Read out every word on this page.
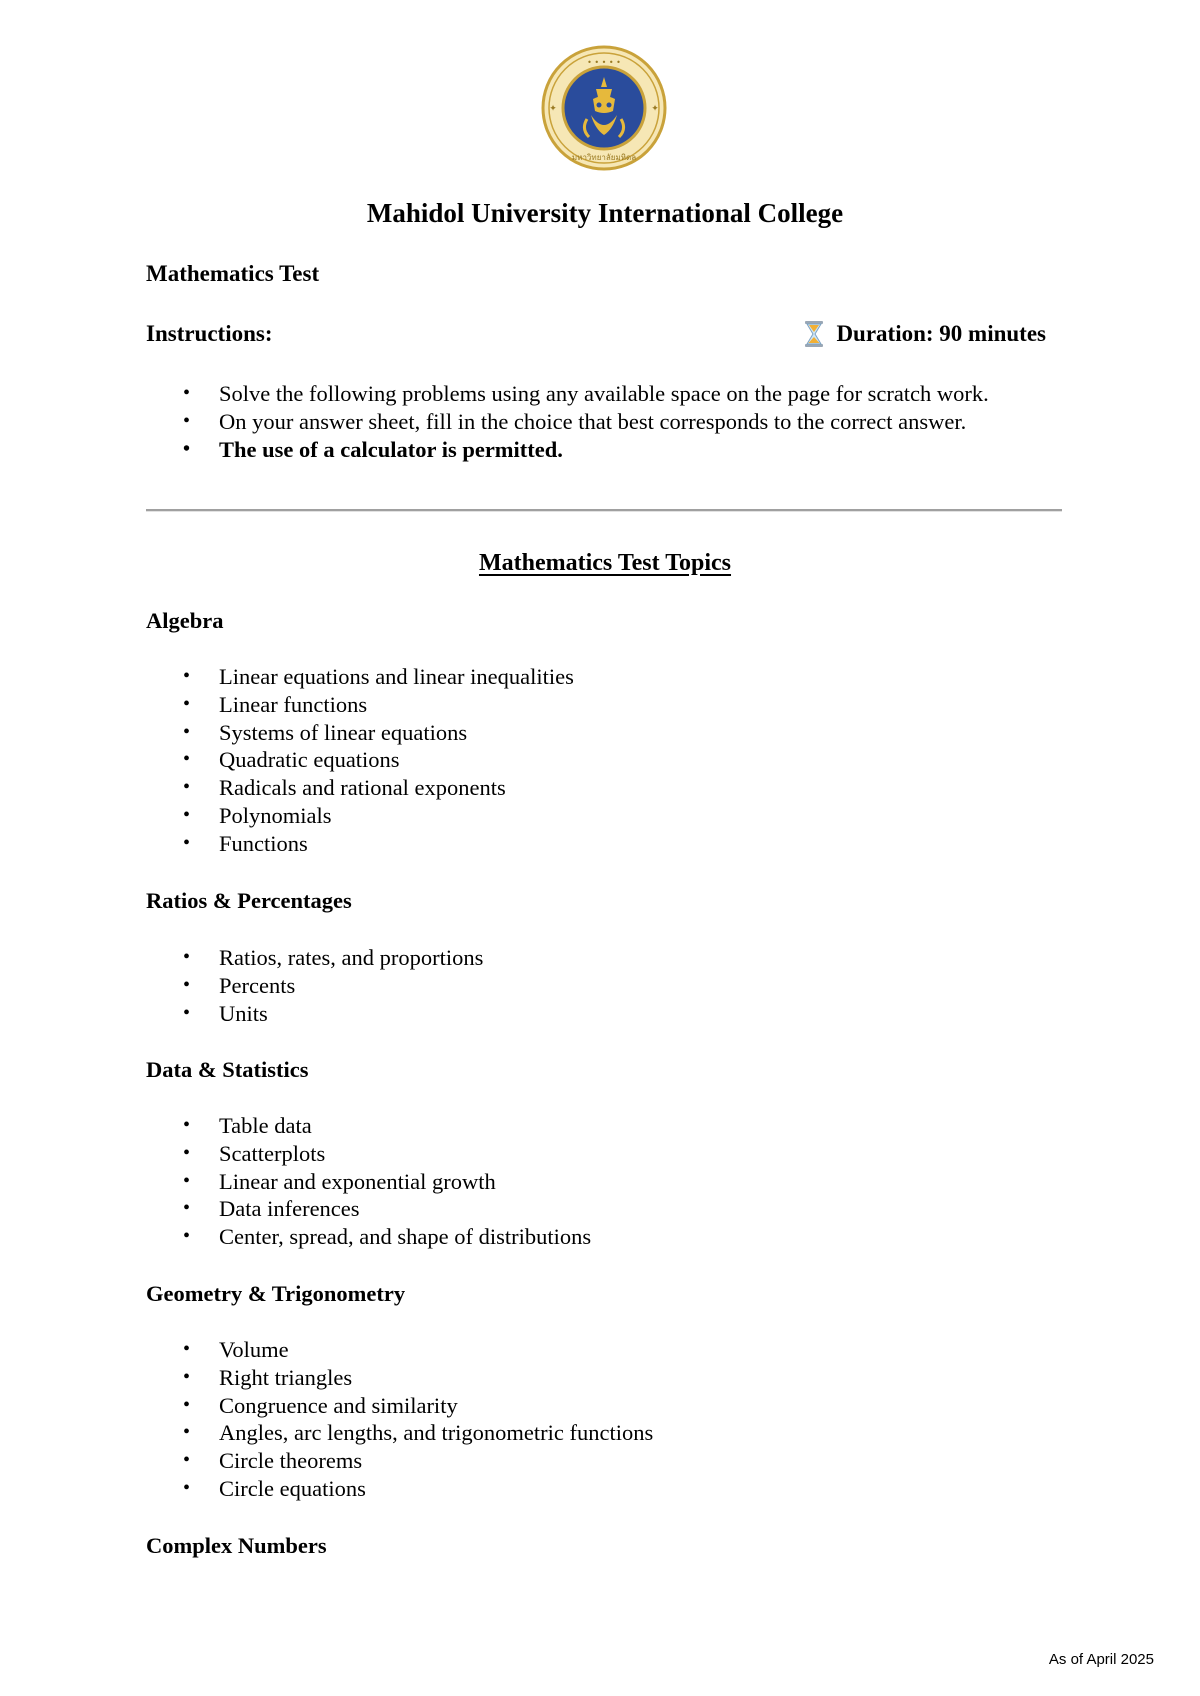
• • • • •
มหาวิทยาลัยมหิดล
✦	✦
Mahidol University International College
Mathematics Test
Instructions:	Duration: 90 minutes
• Solve the following problems using any available space on the page for scratch work.
• On your answer sheet, fill in the choice that best corresponds to the correct answer.
• The use of a calculator is permitted.
Mathematics Test Topics
Algebra
• Linear equations and linear inequalities
• Linear functions
• Systems of linear equations
• Quadratic equations
• Radicals and rational exponents
• Polynomials
• Functions
Ratios & Percentages
• Ratios, rates, and proportions
• Percents
• Units
Data & Statistics
• Table data
• Scatterplots
• Linear and exponential growth
• Data inferences
• Center, spread, and shape of distributions
Geometry & Trigonometry
• Volume
• Right triangles
• Congruence and similarity
• Angles, arc lengths, and trigonometric functions
• Circle theorems
• Circle equations
Complex Numbers
As of April 2025
